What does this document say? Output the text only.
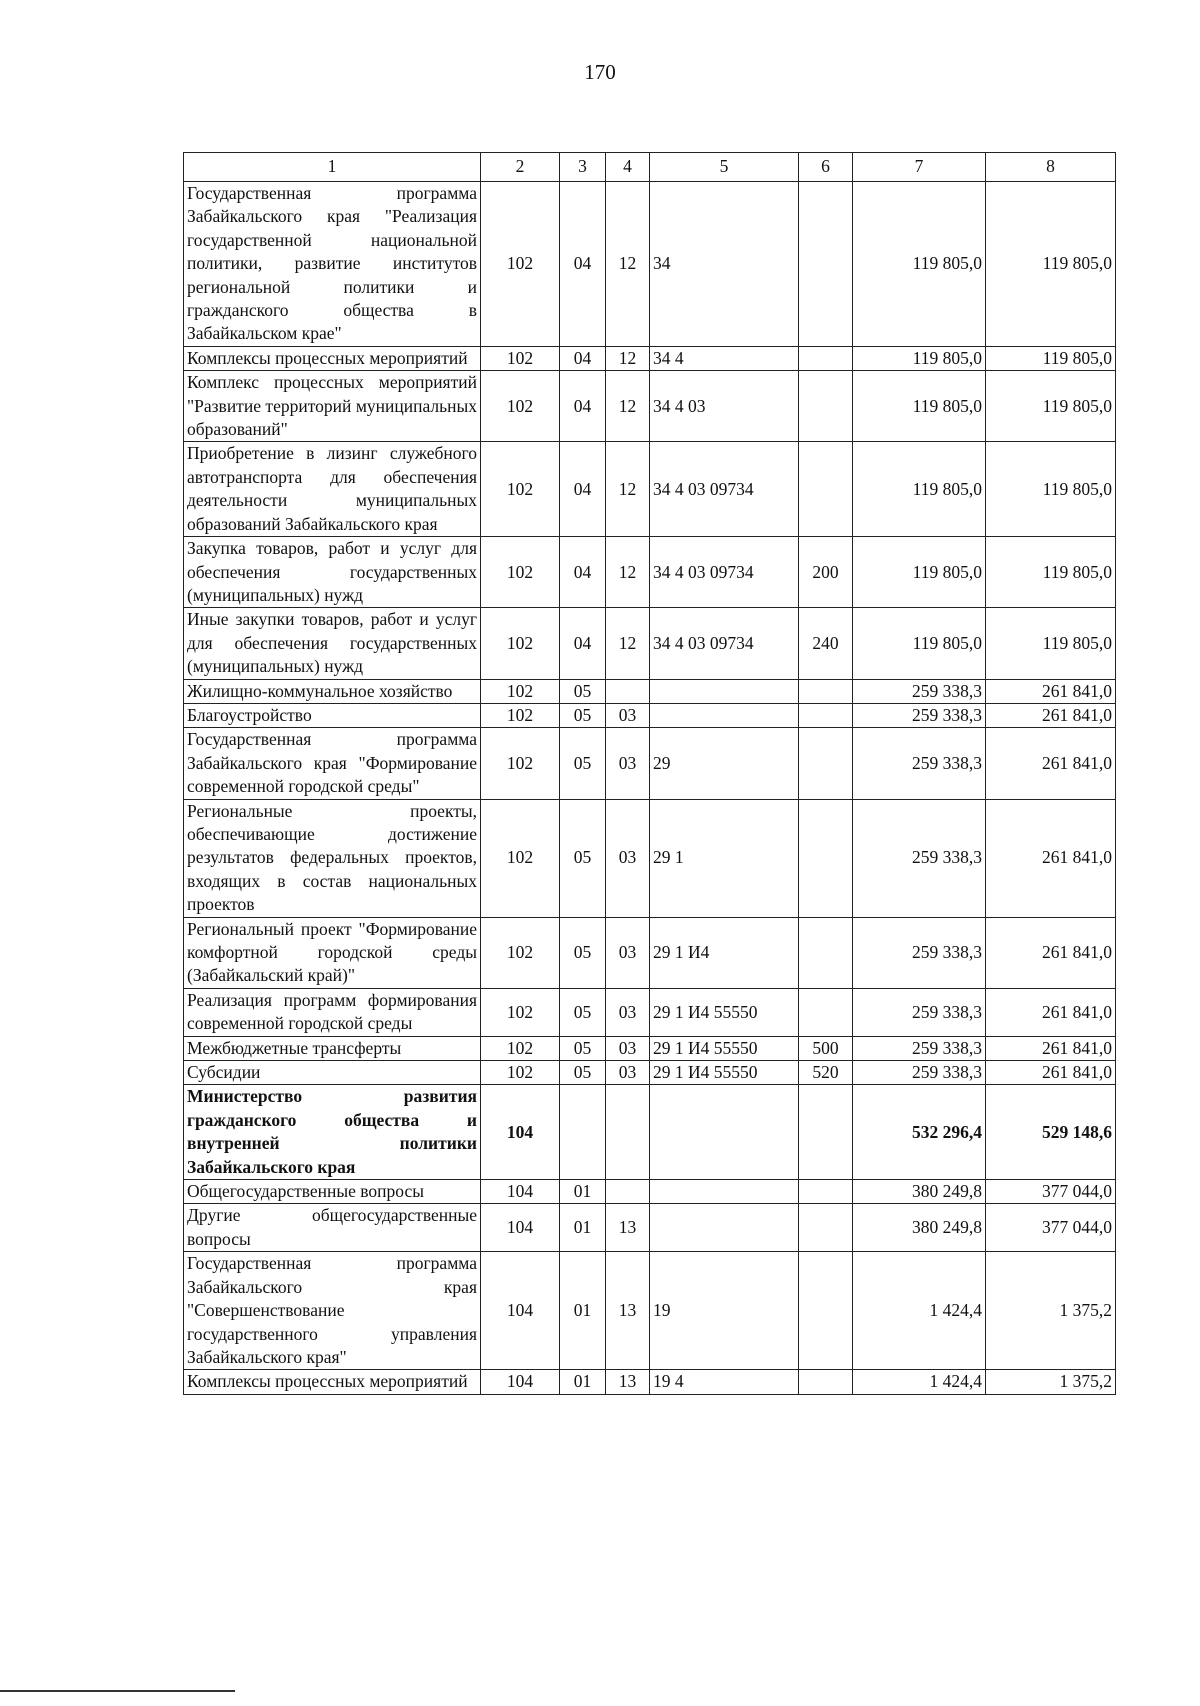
170
1	2	3	4	5	6	7	8
Государственная программа Забайкальского края "Реализация государственной национальной политики, развитие институтов региональной политики и гражданского общества в Забайкальском крае"	102	04	12	34		119 805,0	119 805,0
Комплексы процессных мероприятий	102	04	12	34 4		119 805,0	119 805,0
Комплекс процессных мероприятий "Развитие территорий муниципальных образований"	102	04	12	34 4 03		119 805,0	119 805,0
Приобретение в лизинг служебного автотранспорта для обеспечения деятельности муниципальных образований Забайкальского края	102	04	12	34 4 03 09734		119 805,0	119 805,0
Закупка товаров, работ и услуг для обеспечения государственных (муниципальных) нужд	102	04	12	34 4 03 09734	200	119 805,0	119 805,0
Иные закупки товаров, работ и услуг для обеспечения государственных (муниципальных) нужд	102	04	12	34 4 03 09734	240	119 805,0	119 805,0
Жилищно-коммунальное хозяйство	102	05				259 338,3	261 841,0
Благоустройство	102	05	03			259 338,3	261 841,0
Государственная программа Забайкальского края "Формирование современной городской среды"	102	05	03	29		259 338,3	261 841,0
Региональные проекты, обеспечивающие достижение результатов федеральных проектов, входящих в состав национальных проектов	102	05	03	29 1		259 338,3	261 841,0
Региональный проект "Формирование комфортной городской среды (Забайкальский край)"	102	05	03	29 1 И4		259 338,3	261 841,0
Реализация программ формирования современной городской среды	102	05	03	29 1 И4 55550		259 338,3	261 841,0
Межбюджетные трансферты	102	05	03	29 1 И4 55550	500	259 338,3	261 841,0
Субсидии	102	05	03	29 1 И4 55550	520	259 338,3	261 841,0
Министерство развития гражданского общества и внутренней политики Забайкальского края	104					532 296,4	529 148,6
Общегосударственные вопросы	104	01				380 249,8	377 044,0
Другие общегосударственные вопросы	104	01	13			380 249,8	377 044,0
Государственная программа Забайкальского края "Совершенствование государственного управления Забайкальского края"	104	01	13	19		1 424,4	1 375,2
Комплексы процессных мероприятий	104	01	13	19 4		1 424,4	1 375,2
